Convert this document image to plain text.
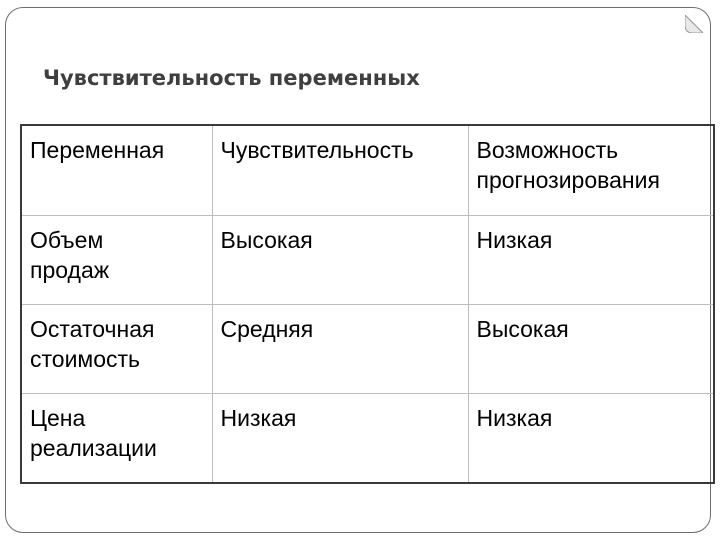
Чувствительность переменных
Переменная	Чувствительность	Возможность
прогнозирования

Объем
продаж	Высокая	Низкая

Остаточная
стоимость	Средняя	Высокая

Цена
реализации	Низкая	Низкая
